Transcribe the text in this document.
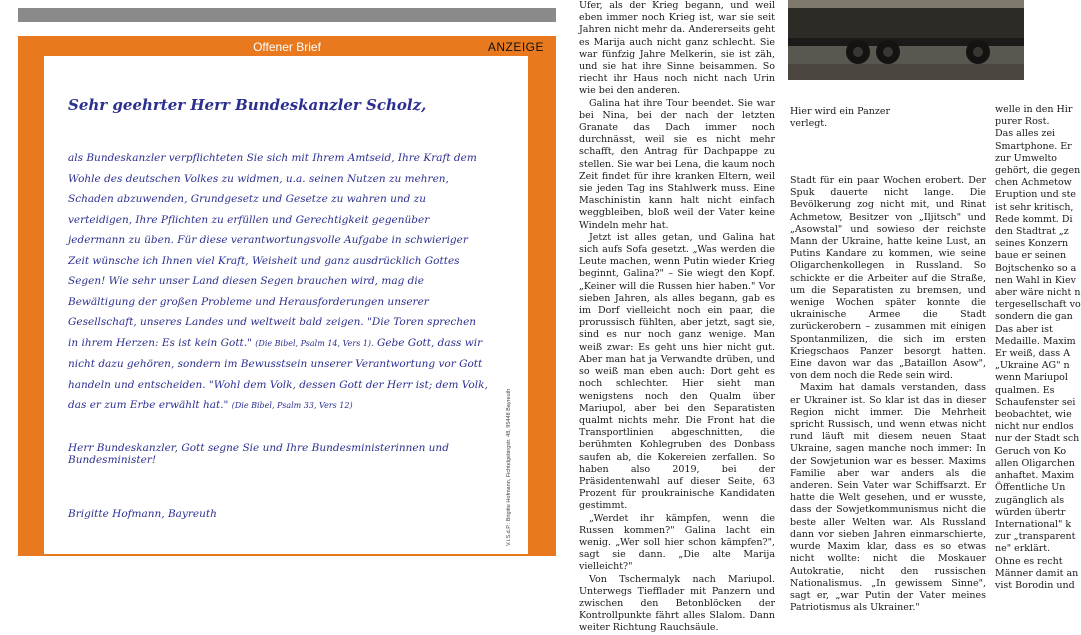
Offener Brief	ANZEIGE
Sehr geehrter Herr Bundeskanzler Scholz,
als Bundeskanzler verpflichteten Sie sich mit Ihrem Amtseid, Ihre Kraft dem Wohle des deutschen Volkes zu widmen, u.a. seinen Nutzen zu mehren, Schaden abzuwenden, Grundgesetz und Gesetze zu wahren und zu verteidigen, Ihre Pflichten zu erfüllen und Gerechtigkeit gegenüber jedermann zu üben. Für diese verantwortungsvolle Aufgabe in schwieriger Zeit wünsche ich Ihnen viel Kraft, Weisheit und ganz ausdrücklich Gottes Segen! Wie sehr unser Land diesen Segen brauchen wird, mag die Bewältigung der großen Probleme und Herausforderungen unserer Gesellschaft, unseres Landes und weltweit bald zeigen. "Die Toren sprechen in ihrem Herzen: Es ist kein Gott." (Die Bibel, Psalm 14, Vers 1). Gebe Gott, dass wir nicht dazu gehören, sondern im Bewusstsein unserer Verantwortung vor Gott handeln und entscheiden. "Wohl dem Volk, dessen Gott der Herr ist; dem Volk, das er zum Erbe erwählt hat." (Die Bibel, Psalm 33, Vers 12)
Herr Bundeskanzler, Gott segne Sie und Ihre Bundesministerinnen und Bundesminister!
Brigitte Hofmann, Bayreuth	V.i.S.d.P.: Brigitte Hofmann, Fichtelgebirgstr. 48, 95448 Bayreuth

Ufer, als der Krieg begann, und weil eben immer noch Krieg ist, war sie seit Jahren nicht mehr da. Andererseits geht es Marija auch nicht ganz schlecht. Sie war fünfzig Jahre Melkerin, sie ist zäh, und sie hat ihre Sinne beisammen. So riecht ihr Haus noch nicht nach Urin wie bei den anderen.

Galina hat ihre Tour beendet. Sie war bei Nina, bei der nach der letzten Granate das Dach immer noch durchnässt, weil sie es nicht mehr schafft, den Antrag für Dachpappe zu stellen. Sie war bei Lena, die kaum noch Zeit findet für ihre kranken Eltern, weil sie jeden Tag ins Stahlwerk muss. Eine Maschinistin kann halt nicht einfach weggbleiben, bloß weil der Vater keine Windeln mehr hat.

Jetzt ist alles getan, und Galina hat sich aufs Sofa gesetzt. „Was werden die Leute machen, wenn Putin wieder Krieg beginnt, Galina?" – Sie wiegt den Kopf. „Keiner will die Russen hier haben." Vor sieben Jahren, als alles begann, gab es im Dorf vielleicht noch ein paar, die prorussisch fühlten, aber jetzt, sagt sie, sind es nur noch ganz wenige. Man weiß zwar: Es geht uns hier nicht gut. Aber man hat ja Verwandte drüben, und so weiß man eben auch: Dort geht es noch schlechter. Hier sieht man wenigstens noch den Qualm über Mariupol, aber bei den Separatisten qualmt nichts mehr. Die Front hat die Transportlinien abgeschnitten, die berühmten Kohlegruben des Donbass saufen ab, die Kokereien zerfallen. So haben also 2019, bei der Präsidentenwahl auf dieser Seite, 63 Prozent für proukrainische Kandidaten gestimmt.

„Werdet ihr kämpfen, wenn die Russen kommen?" Galina lacht ein wenig. „Wer soll hier schon kämpfen?", sagt sie dann. „Die alte Marija vielleicht?"

Von Tschermalyk nach Mariupol. Unterwegs Tiefflader mit Panzern und zwischen den Betonblöcken der Kontrollpunkte fährt alles Slalom. Dann weiter Richtung Rauchsäule.

Hier wird ein Panzer verlegt.

Stadt für ein paar Wochen erobert. Der Spuk dauerte nicht lange. Die Bevölkerung zog nicht mit, und Rinat Achmetow, Besitzer von „Iljitsch" und „Asowstal" und sowieso der reichste Mann der Ukraine, hatte keine Lust, an Putins Kandare zu kommen, wie seine Oligarchenkollegen in Russland. So schickte er die Arbeiter auf die Straße, um die Separatisten zu bremsen, und wenige Wochen später konnte die ukrainische Armee die Stadt zurückerobern – zusammen mit einigen Spontanmilizen, die sich im ersten Kriegschaos Panzer besorgt hatten. Eine davon war das „Bataillon Asow", von dem noch die Rede sein wird.

Maxim hat damals verstanden, dass er Ukrainer ist. So klar ist das in dieser Region nicht immer. Die Mehrheit spricht Russisch, und wenn etwas nicht rund läuft mit diesem neuen Staat Ukraine, sagen manche noch immer: In der Sowjetunion war es besser. Maxims Familie aber war anders als die anderen. Sein Vater war Schiffsarzt. Er hatte die Welt gesehen, und er wusste, dass der Sowjetkommunismus nicht die beste aller Welten war. Als Russland dann vor sieben Jahren einmarschierte, wurde Maxim klar, dass es so etwas nicht wollte: nicht die Moskauer Autokratie, nicht den russischen Nationalismus. „In gewissem Sinne", sagt er, „war Putin der Vater meines Patriotismus als Ukrainer."

welle in den Hir
purer Rost.
Das alles zei
Smartphone. Er
zur Umwelto
gehört, die gegen
chen Achmetow
Eruption und ste
ist sehr kritisch,
Rede kommt. Di
den Stadtrat „z
seines Konzern
baue er seinen
Bojtschenko so a
nen Wahl in Kiev
aber wäre nicht n
tergesellschaft vo
sondern die gan
Das aber ist
Medaille. Maxim
Er weiß, dass A
„Ukraine AG" n
wenn Mariupol
qualmen. Es
Schaufenster sei
beobachtet, wie
nicht nur endlos
nur der Stadt sch
Geruch von Ko
allen Oligarchen
anhaftet. Maxim
Öffentliche Un
zugänglich als
würden übertr
International" k
zur „transparent
ne" erklärt.
Ohne es recht
Männer damit an
vist Borodin und
